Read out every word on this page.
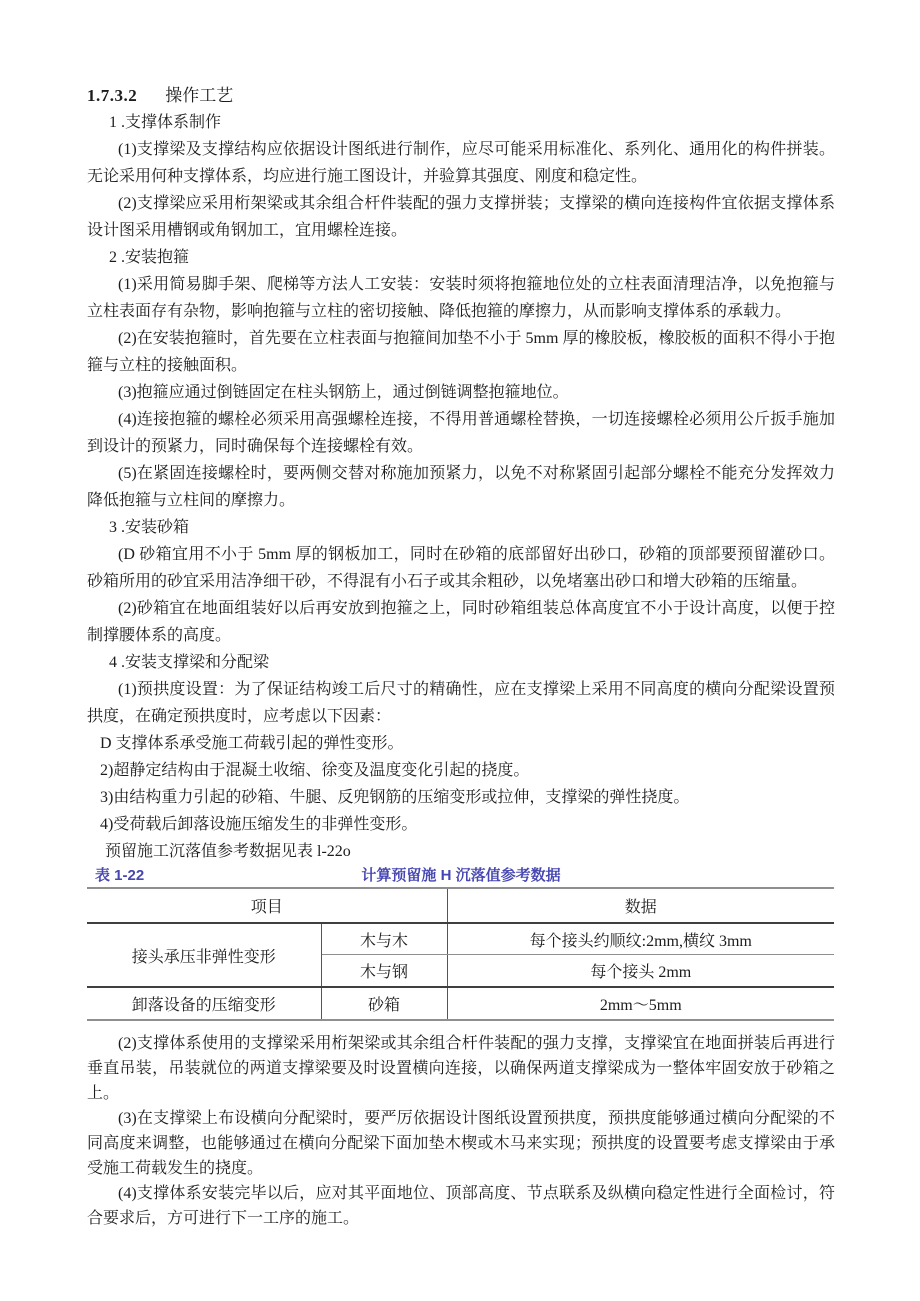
1.7.3.2 操作工艺

1 .支撑体系制作

(1)支撑梁及支撑结构应依据设计图纸进行制作，应尽可能采用标准化、系列化、通用化的构件拼装。无论采用何种支撑体系，均应进行施工图设计，并验算其强度、刚度和稳定性。

(2)支撑梁应采用桁架梁或其余组合杆件装配的强力支撑拼装；支撑梁的横向连接构件宜依据支撑体系设计图采用槽钢或角钢加工，宜用螺栓连接。

2 .安装抱箍

(1)采用简易脚手架、爬梯等方法人工安装：安装时须将抱箍地位处的立柱表面清理洁净，以免抱箍与立柱表面存有杂物，影响抱箍与立柱的密切接触、降低抱箍的摩擦力，从而影响支撑体系的承载力。

(2)在安装抱箍时，首先要在立柱表面与抱箍间加垫不小于 5mm 厚的橡胶板，橡胶板的面积不得小于抱箍与立柱的接触面积。

(3)抱箍应通过倒链固定在柱头钢筋上，通过倒链调整抱箍地位。

(4)连接抱箍的螺栓必须采用高强螺栓连接，不得用普通螺栓替换，一切连接螺栓必须用公斤扳手施加到设计的预紧力，同时确保每个连接螺栓有效。

(5)在紧固连接螺栓时，要两侧交替对称施加预紧力，以免不对称紧固引起部分螺栓不能充分发挥效力降低抱箍与立柱间的摩擦力。

3 .安装砂箱

(D 砂箱宜用不小于 5mm 厚的钢板加工，同时在砂箱的底部留好出砂口，砂箱的顶部要预留灌砂口。砂箱所用的砂宜采用洁净细干砂，不得混有小石子或其余粗砂，以免堵塞出砂口和增大砂箱的压缩量。

(2)砂箱宜在地面组装好以后再安放到抱箍之上，同时砂箱组装总体高度宜不小于设计高度，以便于控制撑腰体系的高度。

4 .安装支撑梁和分配梁

(1)预拱度设置：为了保证结构竣工后尺寸的精确性，应在支撑梁上采用不同高度的横向分配梁设置预拱度，在确定预拱度时，应考虑以下因素：

D 支撑体系承受施工荷载引起的弹性变形。

2)超静定结构由于混凝土收缩、徐变及温度变化引起的挠度。

3)由结构重力引起的砂箱、牛腿、反兜钢筋的压缩变形或拉伸，支撑梁的弹性挠度。

4)受荷载后卸落设施压缩发生的非弹性变形。

预留施工沉落值参考数据见表 l-22o

表 1-22	计算预留施 H 沉落值参考数据
项目		数据
接头承压非弹性变形	木与木	每个接头约顺纹:2mm,横纹 3mm
	木与钢	每个接头 2mm
卸落设备的压缩变形	砂箱	2mm～5mm

(2)支撑体系使用的支撑梁采用桁架梁或其余组合杆件装配的强力支撑，支撑梁宜在地面拼装后再进行垂直吊装，吊装就位的两道支撑梁要及时设置横向连接，以确保两道支撑梁成为一整体牢固安放于砂箱之上。

(3)在支撑梁上布设横向分配梁时，要严厉依据设计图纸设置预拱度，预拱度能够通过横向分配梁的不同高度来调整，也能够通过在横向分配梁下面加垫木楔或木马来实现；预拱度的设置要考虑支撑梁由于承受施工荷载发生的挠度。

(4)支撑体系安装完毕以后，应对其平面地位、顶部高度、节点联系及纵横向稳定性进行全面检讨，符合要求后，方可进行下一工序的施工。
